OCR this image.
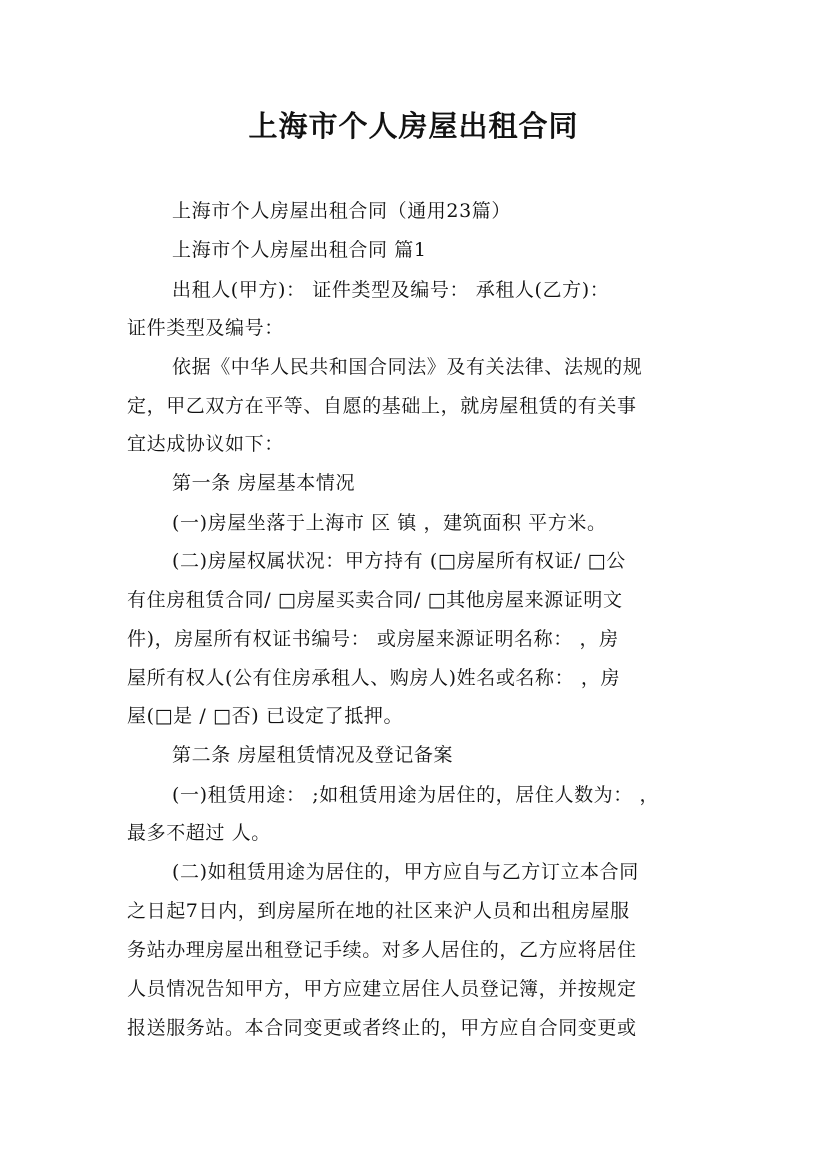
上海市个人房屋出租合同
上海市个人房屋出租合同（通用23篇）
上海市个人房屋出租合同 篇1
出租人(甲方)： 证件类型及编号： 承租人(乙方)：
证件类型及编号：
依据《中华人民共和国合同法》及有关法律、法规的规
定，甲乙双方在平等、自愿的基础上，就房屋租赁的有关事
宜达成协议如下：
第一条 房屋基本情况
(一)房屋坐落于上海市 区 镇 ，建筑面积 平方米。
(二)房屋权属状况：甲方持有 (□房屋所有权证/ □公
有住房租赁合同/ □房屋买卖合同/ □其他房屋来源证明文
件)，房屋所有权证书编号： 或房屋来源证明名称： ，房
屋所有权人(公有住房承租人、购房人)姓名或名称： ，房
屋(□是 / □否) 已设定了抵押。
第二条 房屋租赁情况及登记备案
(一)租赁用途： ;如租赁用途为居住的，居住人数为： ，
最多不超过 人。
(二)如租赁用途为居住的，甲方应自与乙方订立本合同
之日起7日内，到房屋所在地的社区来沪人员和出租房屋服
务站办理房屋出租登记手续。对多人居住的，乙方应将居住
人员情况告知甲方，甲方应建立居住人员登记簿，并按规定
报送服务站。本合同变更或者终止的，甲方应自合同变更或
